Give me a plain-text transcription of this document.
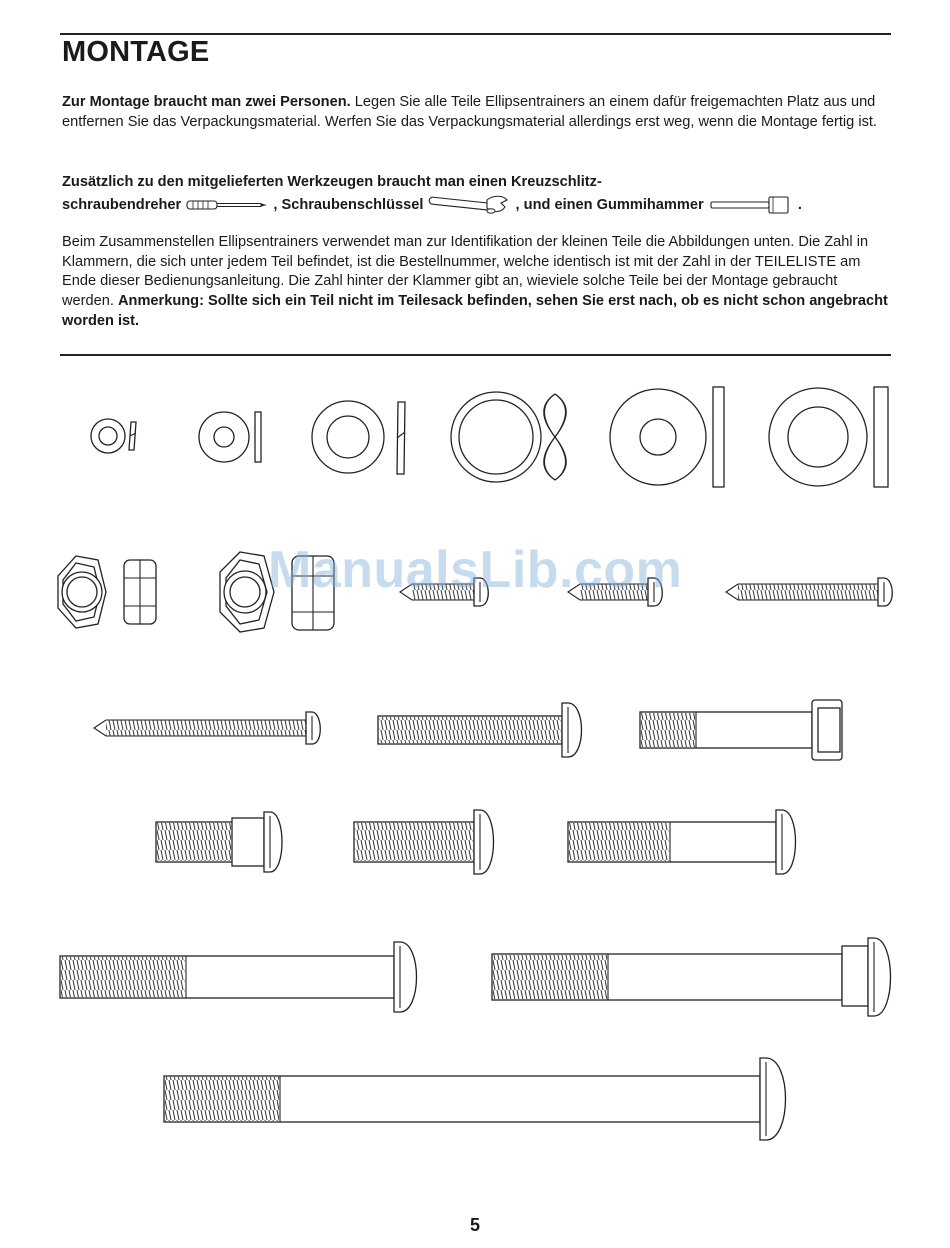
MONTAGE

Zur Montage braucht man zwei Personen. Legen Sie alle Teile Ellipsentrainers an einem dafür freigemachten Platz aus und entfernen Sie das Verpackungsmaterial. Werfen Sie das Verpackungsmaterial allerdings erst weg, wenn die Montage fertig ist.

Zusätzlich zu den mitgelieferten Werkzeugen braucht man einen Kreuzschlitz-
schraubendreher	, Schraubenschlüssel	, und einen Gummihammer	.

Beim Zusammenstellen Ellipsentrainers verwendet man zur Identifikation der kleinen Teile die Abbildungen unten. Die Zahl in Klammern, die sich unter jedem Teil befindet, ist die Bestellnummer, welche identisch ist mit der Zahl in der TEILELISTE am Ende dieser Bedienungsanleitung. Die Zahl hinter der Klammer gibt an, wieviele solche Teile bei der Montage gebraucht werden. Anmerkung: Sollte sich ein Teil nicht im Teilesack befinden, sehen Sie erst nach, ob es nicht schon angebracht worden ist.

ManualsLib.com
5
